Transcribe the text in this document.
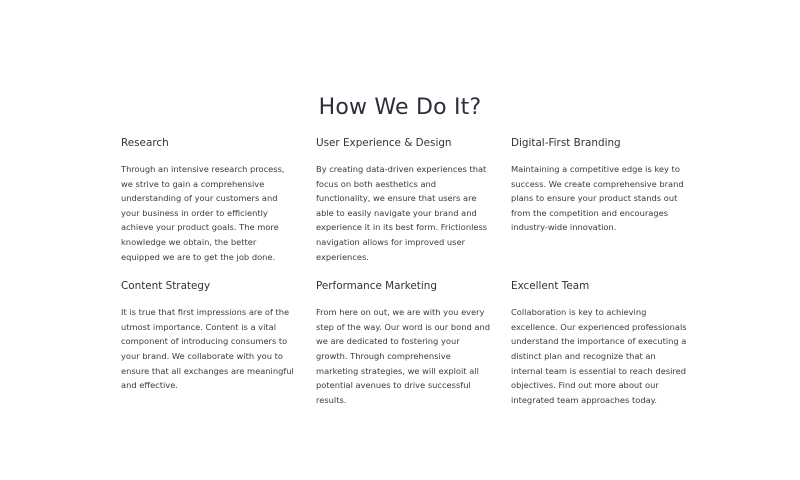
How We Do It?
Research

Through an intensive research process, we strive to gain a comprehensive understanding of your customers and your business in order to efficiently achieve your product goals. The more knowledge we obtain, the better equipped we are to get the job done.

User Experience & Design

By creating data-driven experiences that focus on both aesthetics and functionality, we ensure that users are able to easily navigate your brand and experience it in its best form. Frictionless navigation allows for improved user experiences.

Digital-First Branding

Maintaining a competitive edge is key to success. We create comprehensive brand plans to ensure your product stands out from the competition and encourages industry-wide innovation.

Content Strategy

It is true that first impressions are of the utmost importance. Content is a vital component of introducing consumers to your brand. We collaborate with you to ensure that all exchanges are meaningful and effective.

Performance Marketing

From here on out, we are with you every step of the way. Our word is our bond and we are dedicated to fostering your growth. Through comprehensive marketing strategies, we will exploit all potential avenues to drive successful results.

Excellent Team

Collaboration is key to achieving excellence. Our experienced professionals understand the importance of executing a distinct plan and recognize that an internal team is essential to reach desired objectives. Find out more about our integrated team approaches today.
